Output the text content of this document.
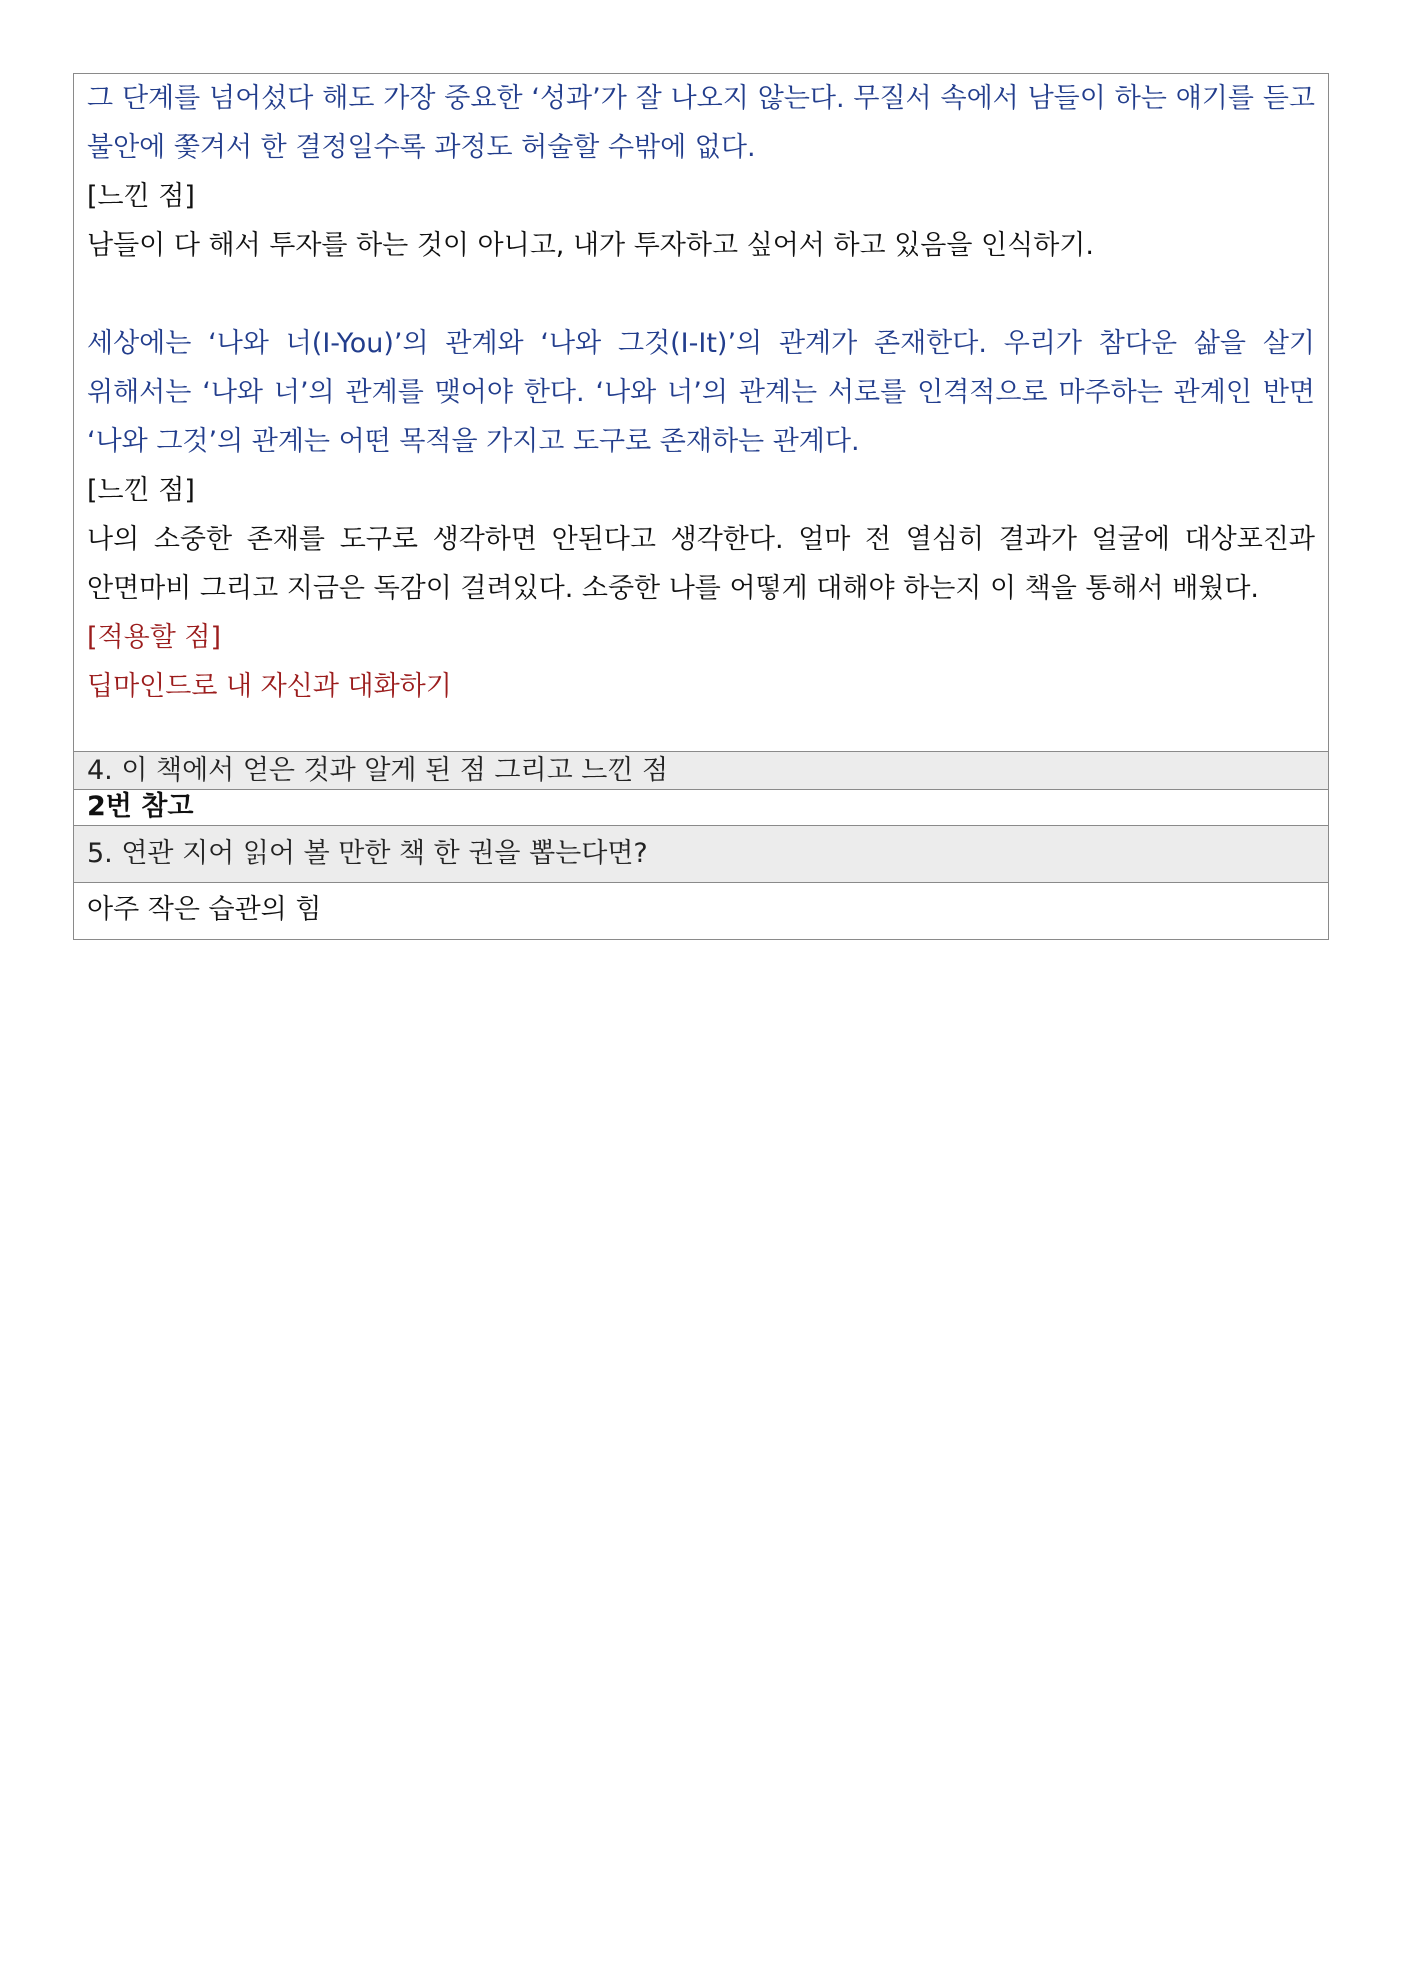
그 단계를 넘어섰다 해도 가장 중요한 ‘성과’가 잘 나오지 않는다. 무질서 속에서 남들이 하는 얘기를 듣고 불안에 쫓겨서 한 결정일수록 과정도 허술할 수밖에 없다.

[느낀 점]

남들이 다 해서 투자를 하는 것이 아니고, 내가 투자하고 싶어서 하고 있음을 인식하기.

세상에는 ‘나와 너(I-You)’의 관계와 ‘나와 그것(I-It)’의 관계가 존재한다. 우리가 참다운 삶을 살기 위해서는 ‘나와 너’의 관계를 맺어야 한다. ‘나와 너’의 관계는 서로를 인격적으로 마주하는 관계인 반면 ‘나와 그것’의 관계는 어떤 목적을 가지고 도구로 존재하는 관계다.

[느낀 점]

나의 소중한 존재를 도구로 생각하면 안된다고 생각한다. 얼마 전 열심히 결과가 얼굴에 대상포진과 안면마비 그리고 지금은 독감이 걸려있다. 소중한 나를 어떻게 대해야 하는지 이 책을 통해서 배웠다.

[적용할 점]

딥마인드로 내 자신과 대화하기

4. 이 책에서 얻은 것과 알게 된 점 그리고 느낀 점
2번 참고
5. 연관 지어 읽어 볼 만한 책 한 권을 뽑는다면?
아주 작은 습관의 힘
